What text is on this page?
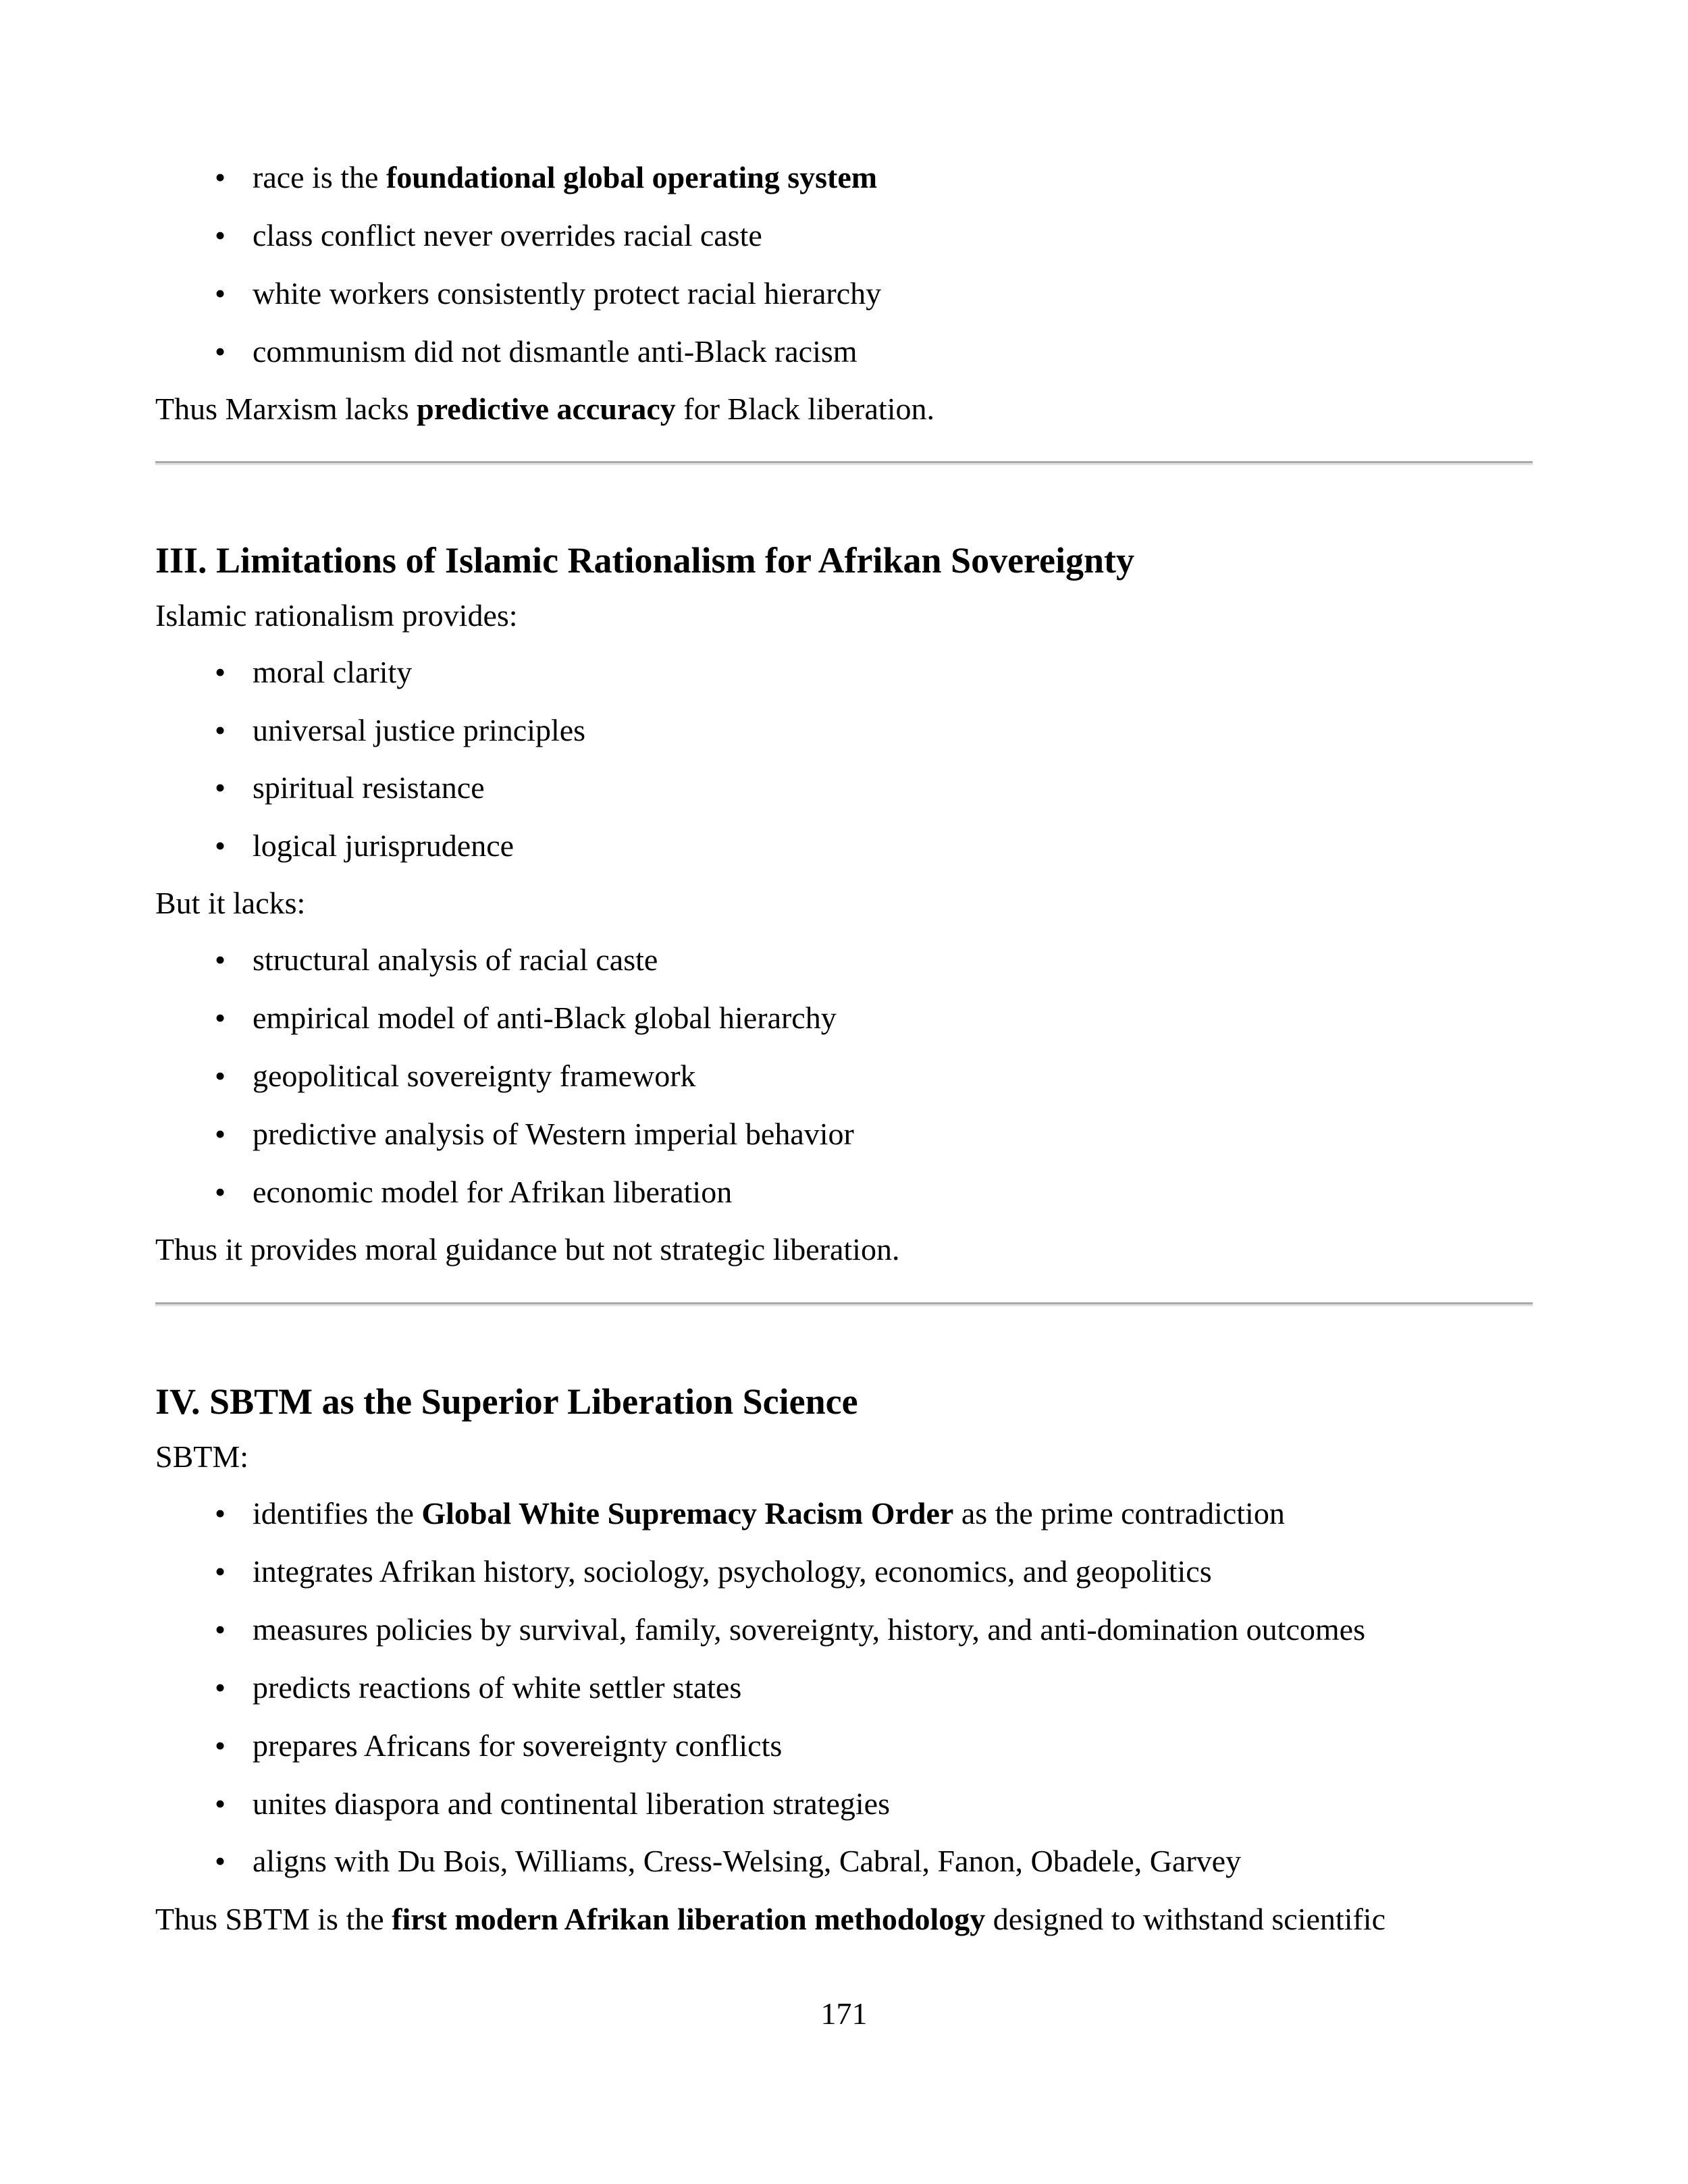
• race is the foundational global operating system
• class conflict never overrides racial caste
• white workers consistently protect racial hierarchy
• communism did not dismantle anti-Black racism
Thus Marxism lacks predictive accuracy for Black liberation.
III. Limitations of Islamic Rationalism for Afrikan Sovereignty
Islamic rationalism provides:
• moral clarity
• universal justice principles
• spiritual resistance
• logical jurisprudence
But it lacks:
• structural analysis of racial caste
• empirical model of anti-Black global hierarchy
• geopolitical sovereignty framework
• predictive analysis of Western imperial behavior
• economic model for Afrikan liberation
Thus it provides moral guidance but not strategic liberation.
IV. SBTM as the Superior Liberation Science
SBTM:
• identifies the Global White Supremacy Racism Order as the prime contradiction
• integrates Afrikan history, sociology, psychology, economics, and geopolitics
• measures policies by survival, family, sovereignty, history, and anti-domination outcomes
• predicts reactions of white settler states
• prepares Africans for sovereignty conflicts
• unites diaspora and continental liberation strategies
• aligns with Du Bois, Williams, Cress-Welsing, Cabral, Fanon, Obadele, Garvey
Thus SBTM is the first modern Afrikan liberation methodology designed to withstand scientific
171
